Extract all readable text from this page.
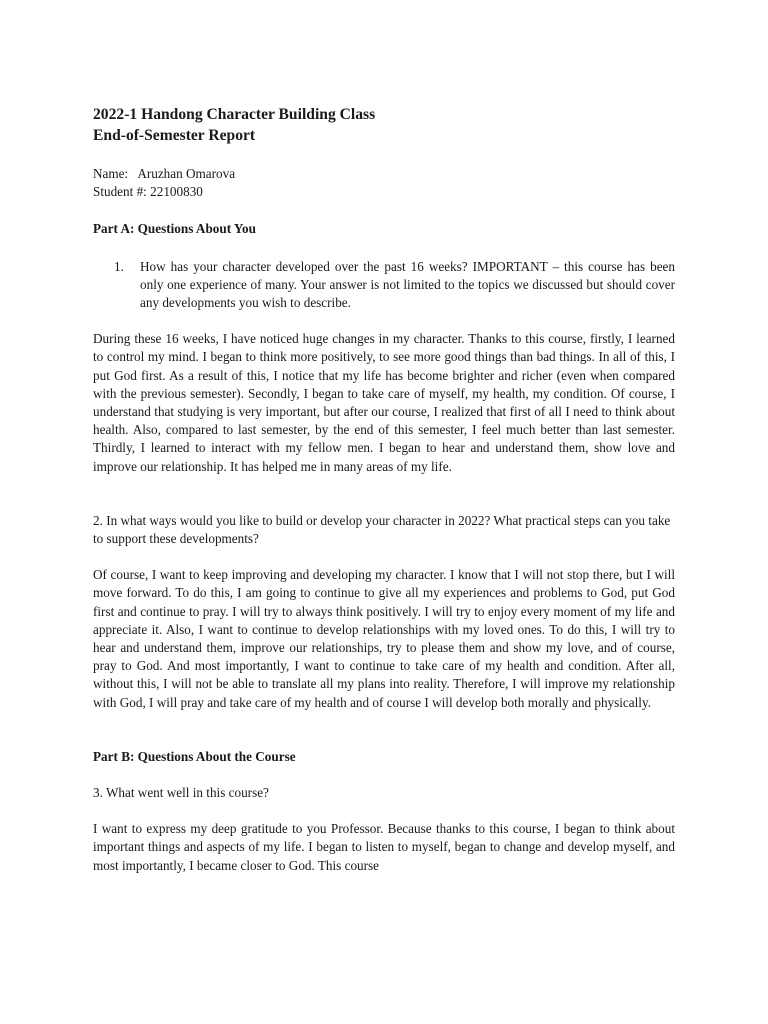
2022-1 Handong Character Building Class
End-of-Semester Report
Name:   Aruzhan Omarova
Student #: 22100830
Part A: Questions About You
1.	How has your character developed over the past 16 weeks? IMPORTANT – this course has been only one experience of many. Your answer is not limited to the topics we discussed but should cover any developments you wish to describe.
During these 16 weeks, I have noticed huge changes in my character. Thanks to this course, firstly, I learned to control my mind. I began to think more positively, to see more good things than bad things. In all of this, I put God first. As a result of this, I notice that my life has become brighter and richer (even when compared with the previous semester). Secondly, I began to take care of myself, my health, my condition. Of course, I understand that studying is very important, but after our course, I realized that first of all I need to think about health. Also, compared to last semester, by the end of this semester, I feel much better than last semester. Thirdly, I learned to interact with my fellow men. I began to hear and understand them, show love and improve our relationship. It has helped me in many areas of my life.
2. In what ways would you like to build or develop your character in 2022? What practical steps can you take to support these developments?
Of course, I want to keep improving and developing my character. I know that I will not stop there, but I will move forward. To do this, I am going to continue to give all my experiences and problems to God, put God first and continue to pray. I will try to always think positively. I will try to enjoy every moment of my life and appreciate it. Also, I want to continue to develop relationships with my loved ones. To do this, I will try to hear and understand them, improve our relationships, try to please them and show my love, and of course, pray to God. And most importantly, I want to continue to take care of my health and condition. After all, without this, I will not be able to translate all my plans into reality. Therefore, I will improve my relationship with God, I will pray and take care of my health and of course I will develop both morally and physically.
Part B: Questions About the Course
3. What went well in this course?
I want to express my deep gratitude to you Professor. Because thanks to this course, I began to think about important things and aspects of my life. I began to listen to myself, began to change and develop myself, and most importantly, I became closer to God. This course
